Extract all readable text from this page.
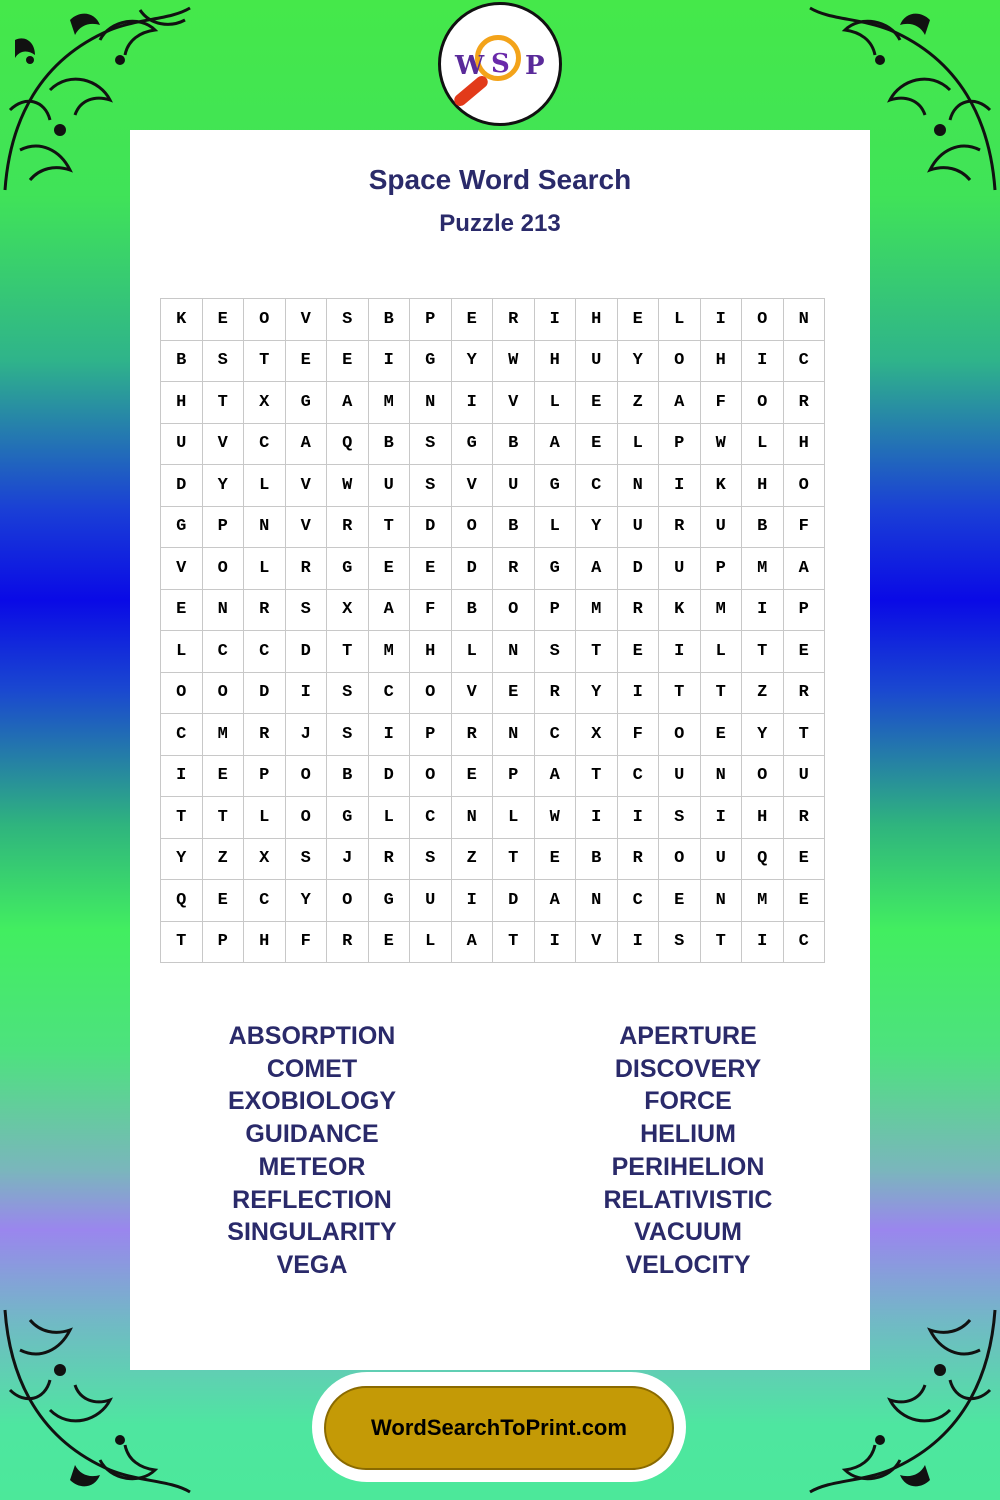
W S P
Space Word Search
Puzzle 213
K	E	O	V	S	B	P	E	R	I	H	E	L	I	O	N
B	S	T	E	E	I	G	Y	W	H	U	Y	O	H	I	C
H	T	X	G	A	M	N	I	V	L	E	Z	A	F	O	R
U	V	C	A	Q	B	S	G	B	A	E	L	P	W	L	H
D	Y	L	V	W	U	S	V	U	G	C	N	I	K	H	O
G	P	N	V	R	T	D	O	B	L	Y	U	R	U	B	F
V	O	L	R	G	E	E	D	R	G	A	D	U	P	M	A
E	N	R	S	X	A	F	B	O	P	M	R	K	M	I	P
L	C	C	D	T	M	H	L	N	S	T	E	I	L	T	E
O	O	D	I	S	C	O	V	E	R	Y	I	T	T	Z	R
C	M	R	J	S	I	P	R	N	C	X	F	O	E	Y	T
I	E	P	O	B	D	O	E	P	A	T	C	U	N	O	U
T	T	L	O	G	L	C	N	L	W	I	I	S	I	H	R
Y	Z	X	S	J	R	S	Z	T	E	B	R	O	U	Q	E
Q	E	C	Y	O	G	U	I	D	A	N	C	E	N	M	E
T	P	H	F	R	E	L	A	T	I	V	I	S	T	I	C
ABSORPTION
COMET
EXOBIOLOGY
GUIDANCE
METEOR
REFLECTION
SINGULARITY
VEGA
APERTURE
DISCOVERY
FORCE
HELIUM
PERIHELION
RELATIVISTIC
VACUUM
VELOCITY
WordSearchToPrint.com
